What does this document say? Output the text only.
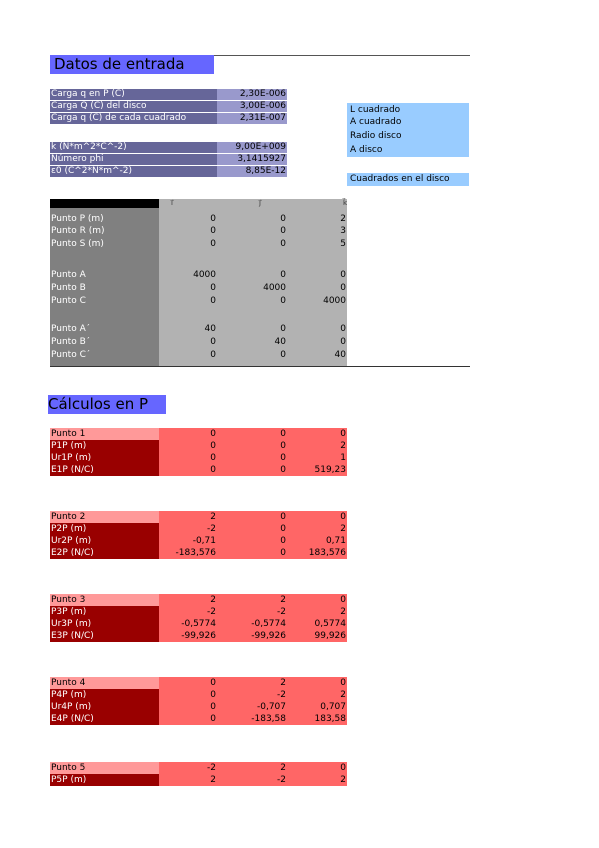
Datos de entrada
Carga q en P (C)	2,30E-006
Carga Q (C) del disco	3,00E-006
Carga q (C) de cada cuadrado	2,31E-007
k (N*m^2*C^-2)	9,00E+009
Número phi	3,1415927
ε0 (C^2*N*m^-2)	8,85E-12
L cuadrado
A cuadrado
Radio disco
A disco
Cuadrados en el disco
i⃗	j⃗	k⃗
Punto P (m)	0	0	2
Punto R (m)	0	0	3
Punto S (m)	0	0	5
Punto A	4000	0	0
Punto B	0	4000	0
Punto C	0	0	4000
Punto A´	40	0	0
Punto B´	0	40	0
Punto C´	0	0	40
Cálculos en P
Punto 1	0	0	0
P1P (m)	0	0	2
Ur1P (m)	0	0	1
E1P (N/C)	0	0	519,23
Punto 2	2	0	0
P2P (m)	-2	0	2
Ur2P (m)	-0,71	0	0,71
E2P (N/C)	-183,576	0	183,576
Punto 3	2	2	0
P3P (m)	-2	-2	2
Ur3P (m)	-0,5774	-0,5774	0,5774
E3P (N/C)	-99,926	-99,926	99,926
Punto 4	0	2	0
P4P (m)	0	-2	2
Ur4P (m)	0	-0,707	0,707
E4P (N/C)	0	-183,58	183,58
Punto 5	-2	2	0
P5P (m)	2	-2	2
